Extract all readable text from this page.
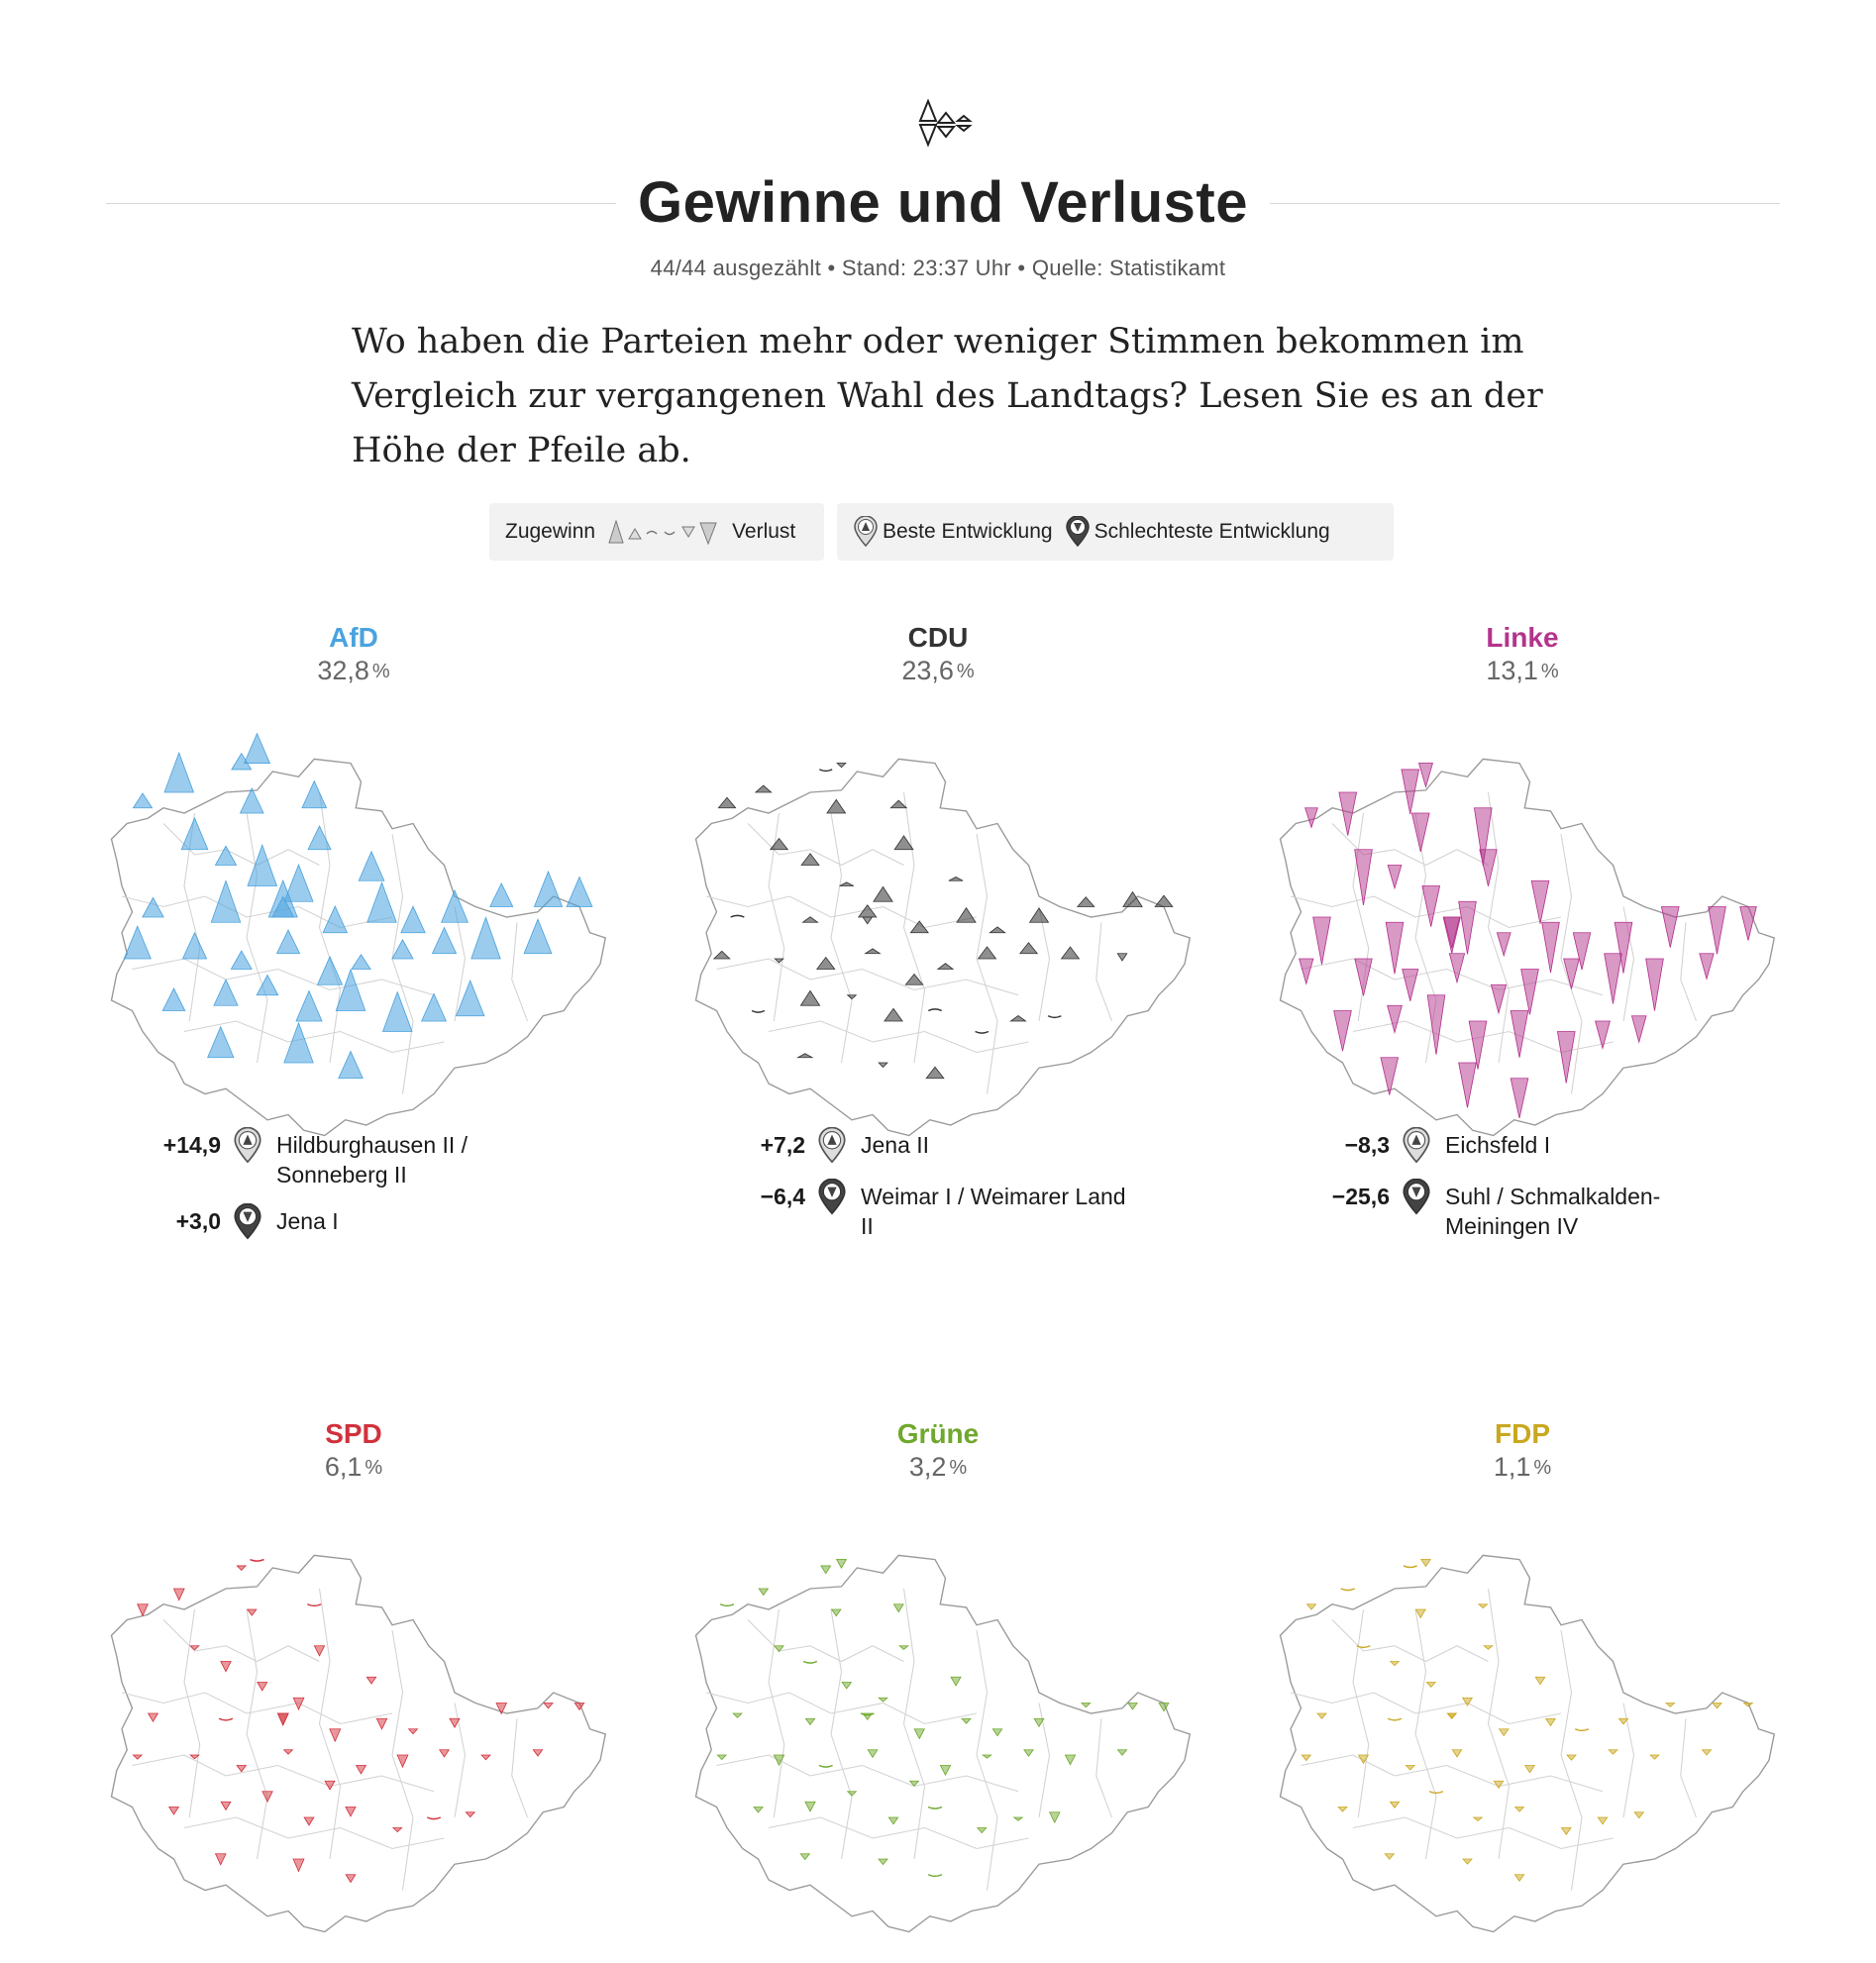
Gewinne und Verluste
44/44 ausgezählt • Stand: 23:37 Uhr • Quelle: Statistikamt

Wo haben die Parteien mehr oder weniger Stimmen bekommen im Vergleich zur vergangenen Wahl des Landtags? Lesen Sie es an der Höhe der Pfeile ab.

Zugewinn	Verlust	Beste Entwicklung Schlechteste Entwicklung
AfD
32,8 %
+14,9	Hildburghausen II / Sonneberg II
+3,0	Jena I
CDU
23,6 %
+7,2	Jena II
−6,4	Weimar I / Weimarer Land II
Linke
13,1 %
−8,3	Eichsfeld I
−25,6	Suhl / Schmalkalden-Meiningen IV
SPD
6,1 %
Grüne
3,2 %
FDP
1,1 %
